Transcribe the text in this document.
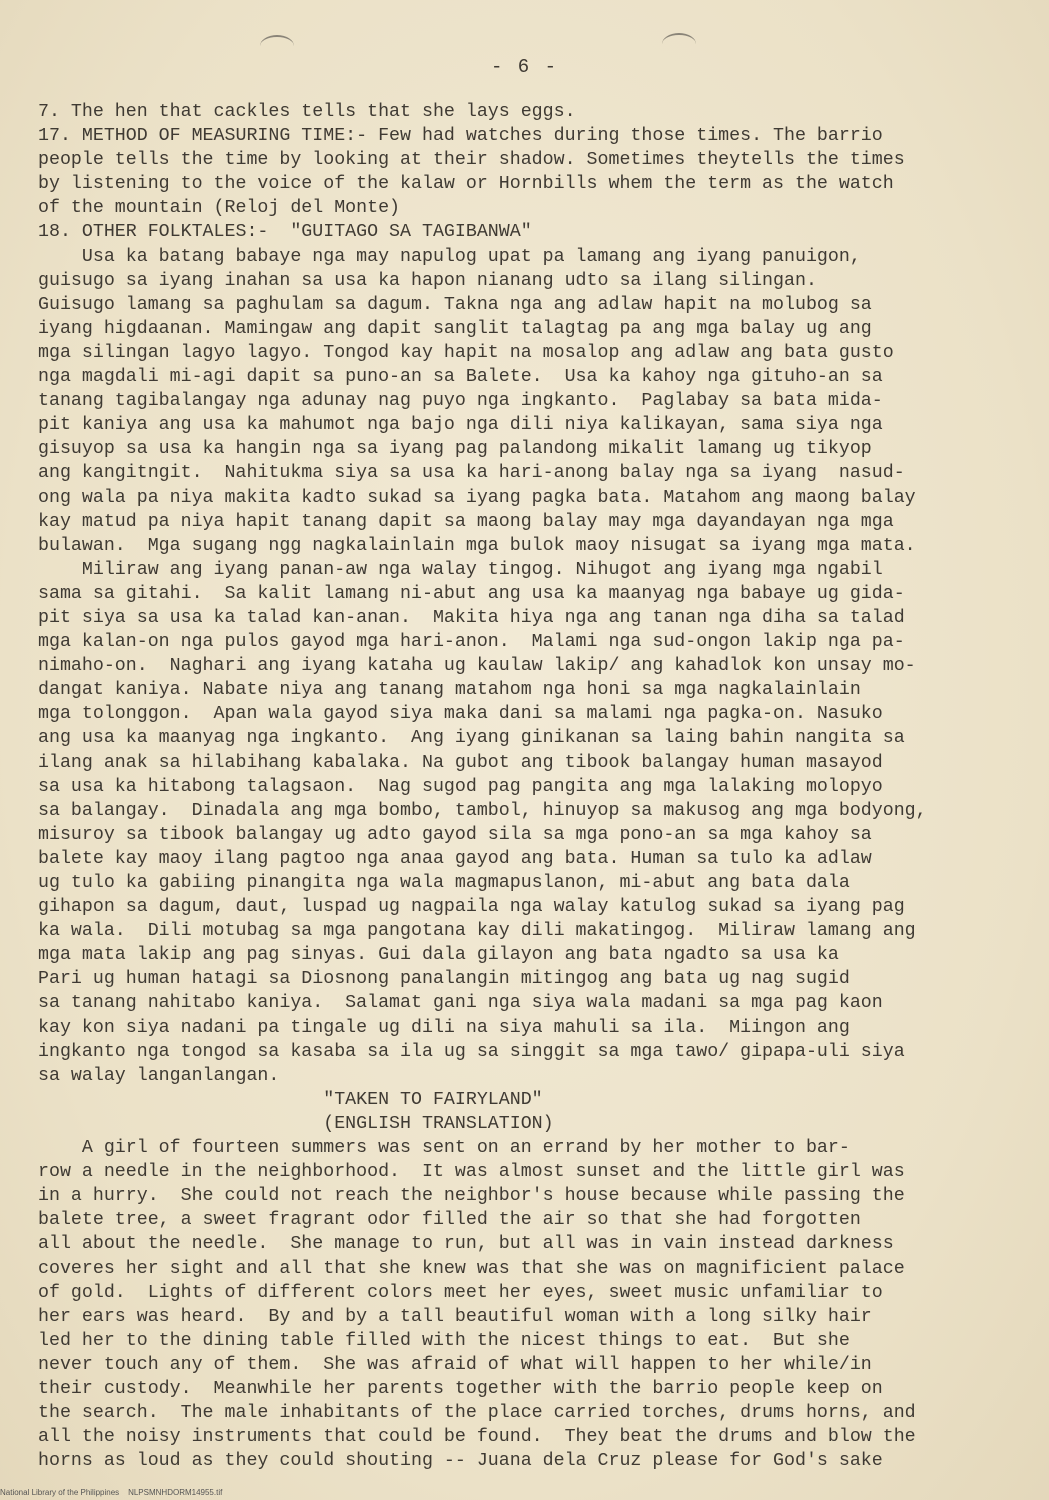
- 6 -
7. The hen that cackles tells that she lays eggs.
17. METHOD OF MEASURING TIME:- Few had watches during those times. The barrio
people tells the time by looking at their shadow. Sometimes theytells the times
by listening to the voice of the kalaw or Hornbills whem the term as the watch
of the mountain (Reloj del Monte)
18. OTHER FOLKTALES:-  "GUITAGO SA TAGIBANWA"
Usa ka batang babaye nga may napulog upat pa lamang ang iyang panuigon,
guisugo sa iyang inahan sa usa ka hapon nianang udto sa ilang silingan.
Guisugo lamang sa paghulam sa dagum. Takna nga ang adlaw hapit na molubog sa
iyang higdaanan. Mamingaw ang dapit sanglit talagtag pa ang mga balay ug ang
mga silingan lagyo lagyo. Tongod kay hapit na mosalop ang adlaw ang bata gusto
nga magdali mi-agi dapit sa puno-an sa Balete.  Usa ka kahoy nga gituho-an sa
tanang tagibalangay nga adunay nag puyo nga ingkanto.  Paglabay sa bata mida-
pit kaniya ang usa ka mahumot nga bajo nga dili niya kalikayan, sama siya nga
gisuyop sa usa ka hangin nga sa iyang pag palandong mikalit lamang ug tikyop
ang kangitngit.  Nahitukma siya sa usa ka hari-anong balay nga sa iyang  nasud-
ong wala pa niya makita kadto sukad sa iyang pagka bata. Matahom ang maong balay
kay matud pa niya hapit tanang dapit sa maong balay may mga dayandayan nga mga
bulawan.  Mga sugang ngg nagkalainlain mga bulok maoy nisugat sa iyang mga mata.
Miliraw ang iyang panan-aw nga walay tingog. Nihugot ang iyang mga ngabil
sama sa gitahi.  Sa kalit lamang ni-abut ang usa ka maanyag nga babaye ug gida-
pit siya sa usa ka talad kan-anan.  Makita hiya nga ang tanan nga diha sa talad
mga kalan-on nga pulos gayod mga hari-anon.  Malami nga sud-ongon lakip nga pa-
nimaho-on.  Naghari ang iyang kataha ug kaulaw lakip/ ang kahadlok kon unsay mo-
dangat kaniya. Nabate niya ang tanang matahom nga honi sa mga nagkalainlain
mga tolonggon.  Apan wala gayod siya maka dani sa malami nga pagka-on. Nasuko
ang usa ka maanyag nga ingkanto.  Ang iyang ginikanan sa laing bahin nangita sa
ilang anak sa hilabihang kabalaka. Na gubot ang tibook balangay human masayod
sa usa ka hitabong talagsaon.  Nag sugod pag pangita ang mga lalaking molopyo
sa balangay.  Dinadala ang mga bombo, tambol, hinuyop sa makusog ang mga bodyong,
misuroy sa tibook balangay ug adto gayod sila sa mga pono-an sa mga kahoy sa
balete kay maoy ilang pagtoo nga anaa gayod ang bata. Human sa tulo ka adlaw
ug tulo ka gabiing pinangita nga wala magmapuslanon, mi-abut ang bata dala
gihapon sa dagum, daut, luspad ug nagpaila nga walay katulog sukad sa iyang pag
ka wala.  Dili motubag sa mga pangotana kay dili makatingog.  Miliraw lamang ang
mga mata lakip ang pag sinyas. Gui dala gilayon ang bata ngadto sa usa ka
Pari ug human hatagi sa Diosnong panalangin mitingog ang bata ug nag sugid
sa tanang nahitabo kaniya.  Salamat gani nga siya wala madani sa mga pag kaon
kay kon siya nadani pa tingale ug dili na siya mahuli sa ila.  Miingon ang
ingkanto nga tongod sa kasaba sa ila ug sa singgit sa mga tawo/ gipapa-uli siya
sa walay langanlangan.
"TAKEN TO FAIRYLAND"
(ENGLISH TRANSLATION)
A girl of fourteen summers was sent on an errand by her mother to bar-
row a needle in the neighborhood.  It was almost sunset and the little girl was
in a hurry.  She could not reach the neighbor's house because while passing the
balete tree, a sweet fragrant odor filled the air so that she had forgotten
all about the needle.  She manage to run, but all was in vain instead darkness
coveres her sight and all that she knew was that she was on magnificient palace
of gold.  Lights of different colors meet her eyes, sweet music unfamiliar to
her ears was heard.  By and by a tall beautiful woman with a long silky hair
led her to the dining table filled with the nicest things to eat.  But she
never touch any of them.  She was afraid of what will happen to her while/in
their custody.  Meanwhile her parents together with the barrio people keep on
the search.  The male inhabitants of the place carried torches, drums horns, and
all the noisy instruments that could be found.  They beat the drums and blow the
horns as loud as they could shouting -- Juana dela Cruz please for God's sake
National Library of the Philippines    NLPSMNHDORM14955.tif
